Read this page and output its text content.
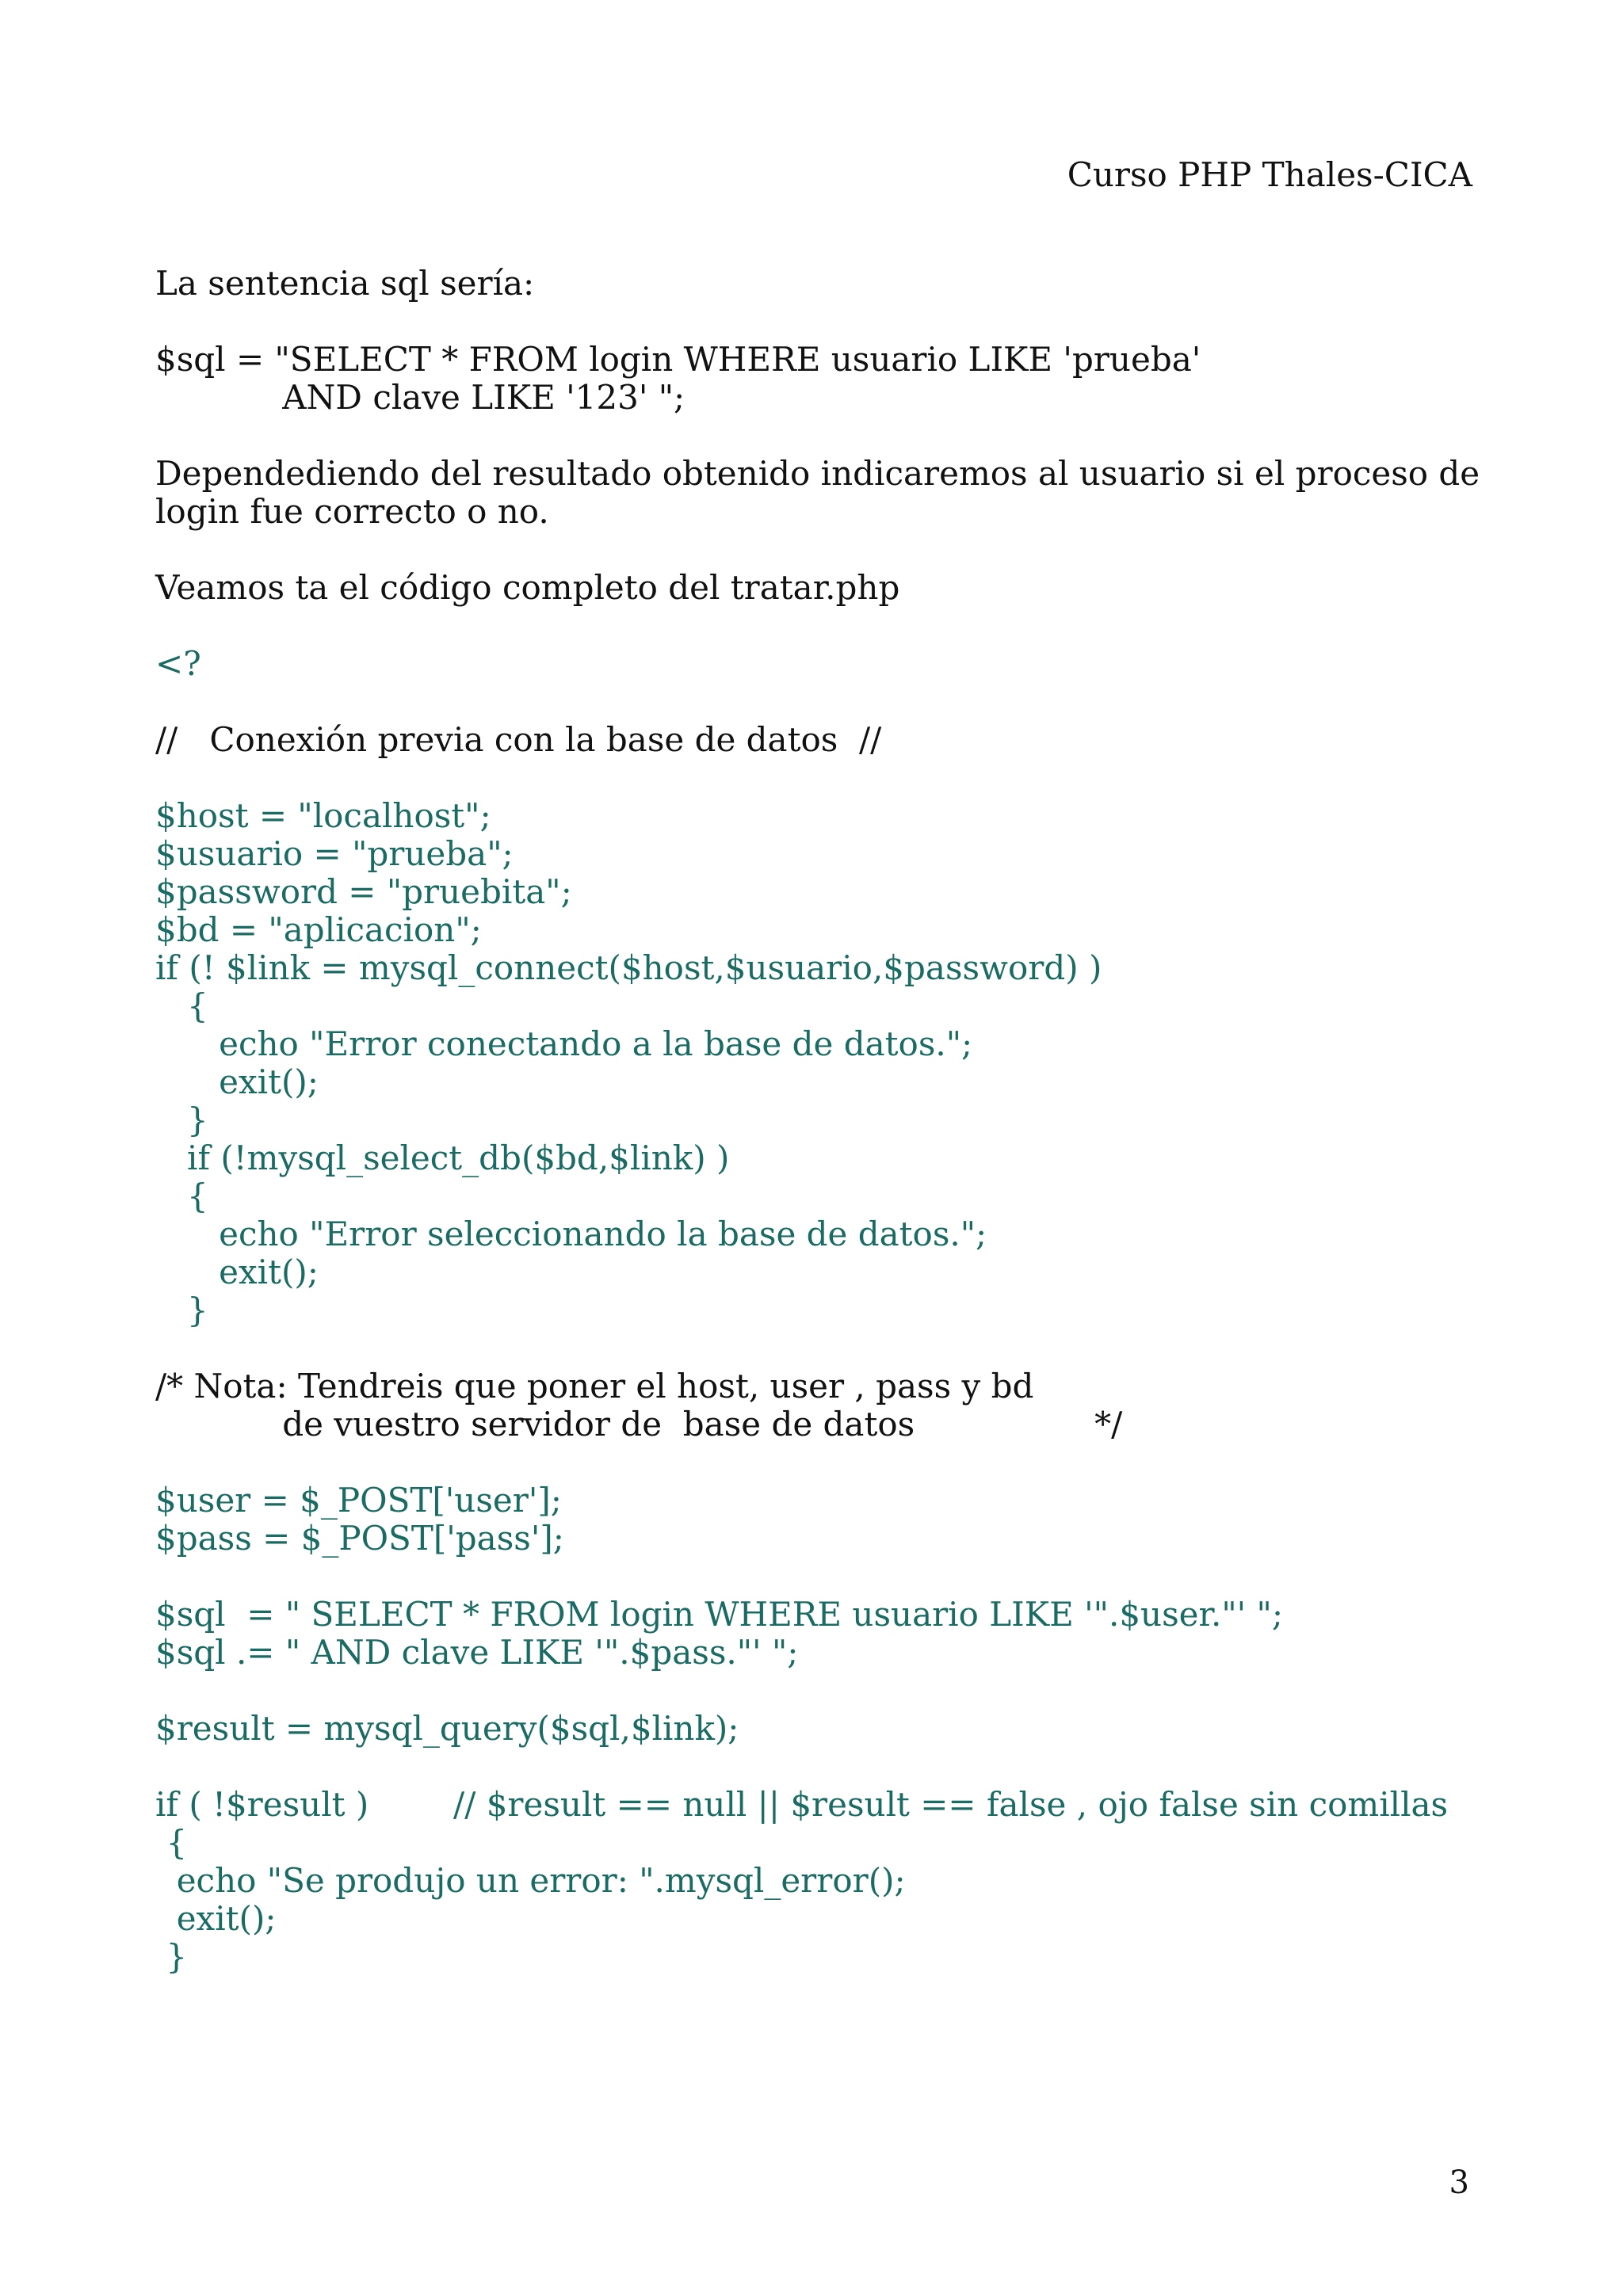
Curso PHP Thales-CICA
La sentencia sql sería:
$sql = "SELECT * FROM login WHERE usuario LIKE 'prueba'
AND clave LIKE '123' ";
Dependediendo del resultado obtenido indicaremos al usuario si el proceso de
login fue correcto o no.
Veamos ta el código completo del tratar.php
<?
//   Conexión previa con la base de datos  //
$host = "localhost";
$usuario = "prueba";
$password = "pruebita";
$bd = "aplicacion";
if (! $link = mysql_connect($host,$usuario,$password) )
{
echo "Error conectando a la base de datos.";
exit();
}
if (!mysql_select_db($bd,$link) )
{
echo "Error seleccionando la base de datos.";
exit();
}
/* Nota: Tendreis que poner el host, user , pass y bd
de vuestro servidor de  base de datos                 */
$user = $_POST['user'];
$pass = $_POST['pass'];
$sql  = " SELECT * FROM login WHERE usuario LIKE '".$user."' ";
$sql .= " AND clave LIKE '".$pass."' ";
$result = mysql_query($sql,$link);
if ( !$result )        // $result == null || $result == false , ojo false sin comillas
{
echo "Se produjo un error: ".mysql_error();
exit();
}
3
